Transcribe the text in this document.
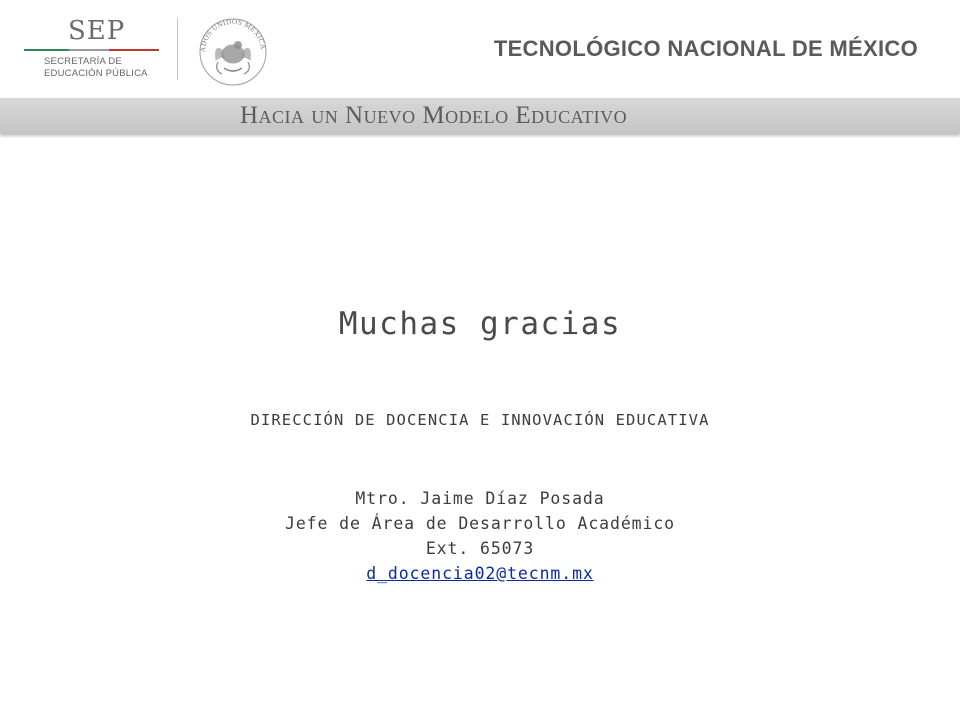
SEP
SECRETARÍA DE
EDUCACIÓN PÚBLICA
ADOS UNIDOS MEXICA	TECNOLÓGICO NACIONAL DE MÉXICO
Hacia un Nuevo Modelo Educativo
Muchas gracias
DIRECCIÓN DE DOCENCIA E INNOVACIÓN EDUCATIVA
Mtro. Jaime Díaz Posada
Jefe de Área de Desarrollo Académico
Ext. 65073
d_docencia02@tecnm.mx
